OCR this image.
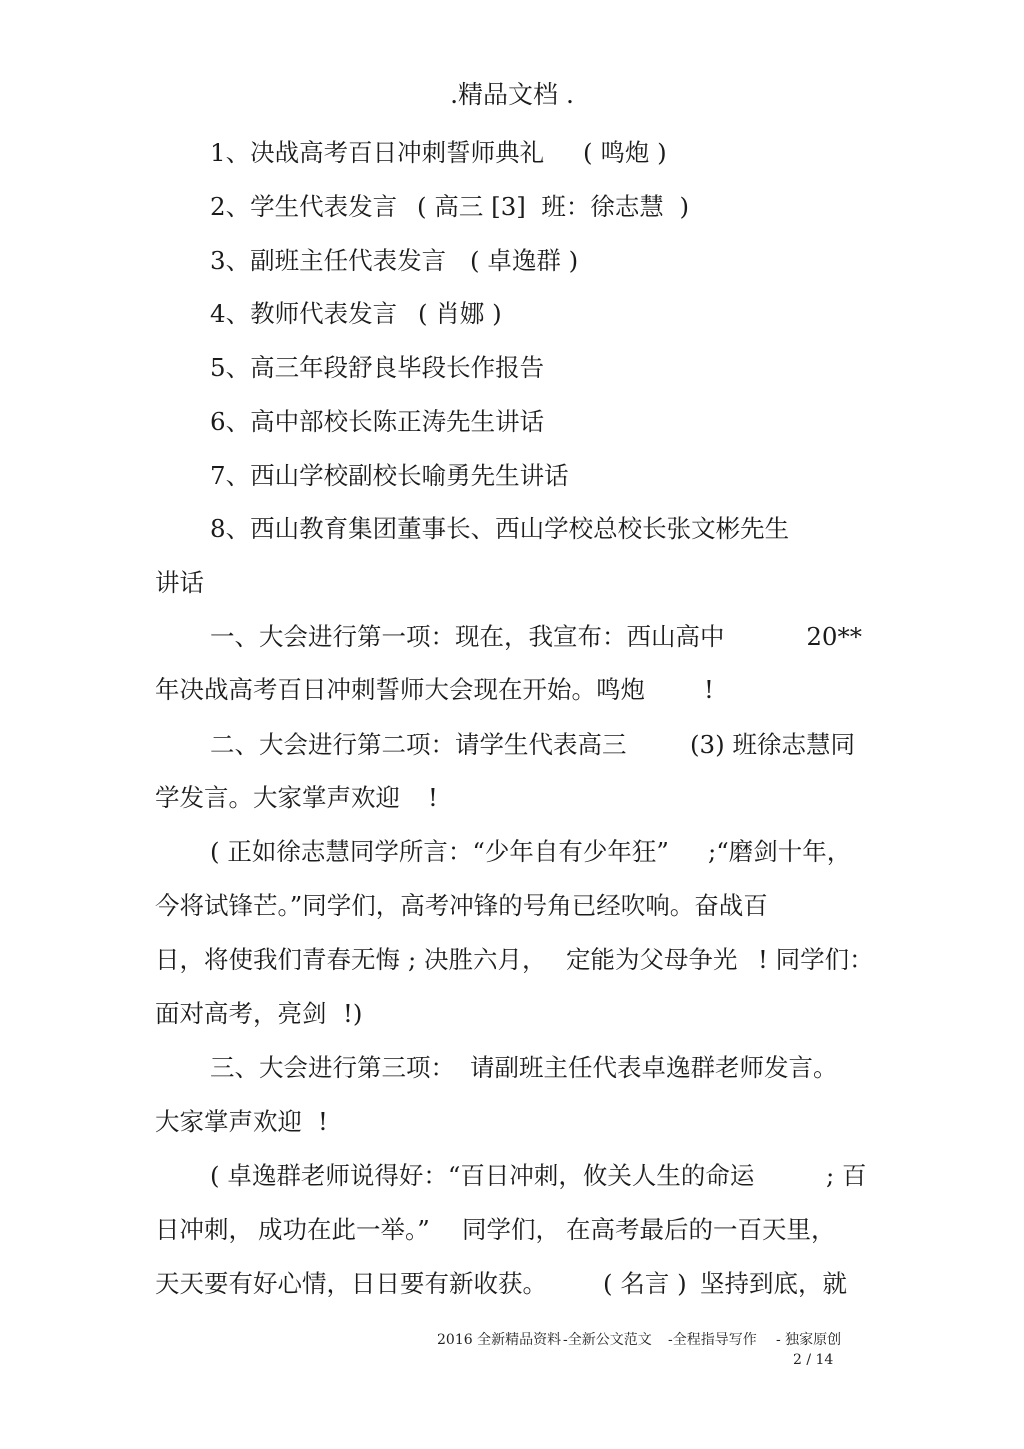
.精品文档 .
1、决战高考百日冲刺誓师典礼 ( 鸣炮 )
2、学生代表发言 ( 高三 [3]  班：徐志慧  )
3、副班主任代表发言 ( 卓逸群 )
4、教师代表发言 ( 肖娜 )
5、高三年段舒良毕段长作报告
6、高中部校长陈正涛先生讲话
7、西山学校副校长喻勇先生讲话
8、西山教育集团董事长、西山学校总校长张文彬先生
讲话
一、大会进行第一项：现在，我宣布：西山高中	20**
年决战高考百日冲刺誓师大会现在开始。鸣炮 !
二、大会进行第二项：请学生代表高三	(3) 班徐志慧同
学发言。大家掌声欢迎 !
( 正如徐志慧同学所言：“少年自有少年狂” ;“磨剑十年，
今将试锋芒。”同学们，高考冲锋的号角已经吹响。奋战百
日，将使我们青春无悔 ; 决胜六月， 定能为父母争光 ! 同学们：
面对高考，亮剑 !)
三、大会进行第三项： 请副班主任代表卓逸群老师发言。
大家掌声欢迎 !
( 卓逸群老师说得好：“百日冲刺，攸关人生的命运	; 百
日冲刺， 成功在此一举。” 同学们， 在高考最后的一百天里，
天天要有好心情，日日要有新收获。 ( 名言 ) 坚持到底，就
2016 全新精品资料 -全新公文范文 -全程指导写作 - 独家原创
2 / 14
